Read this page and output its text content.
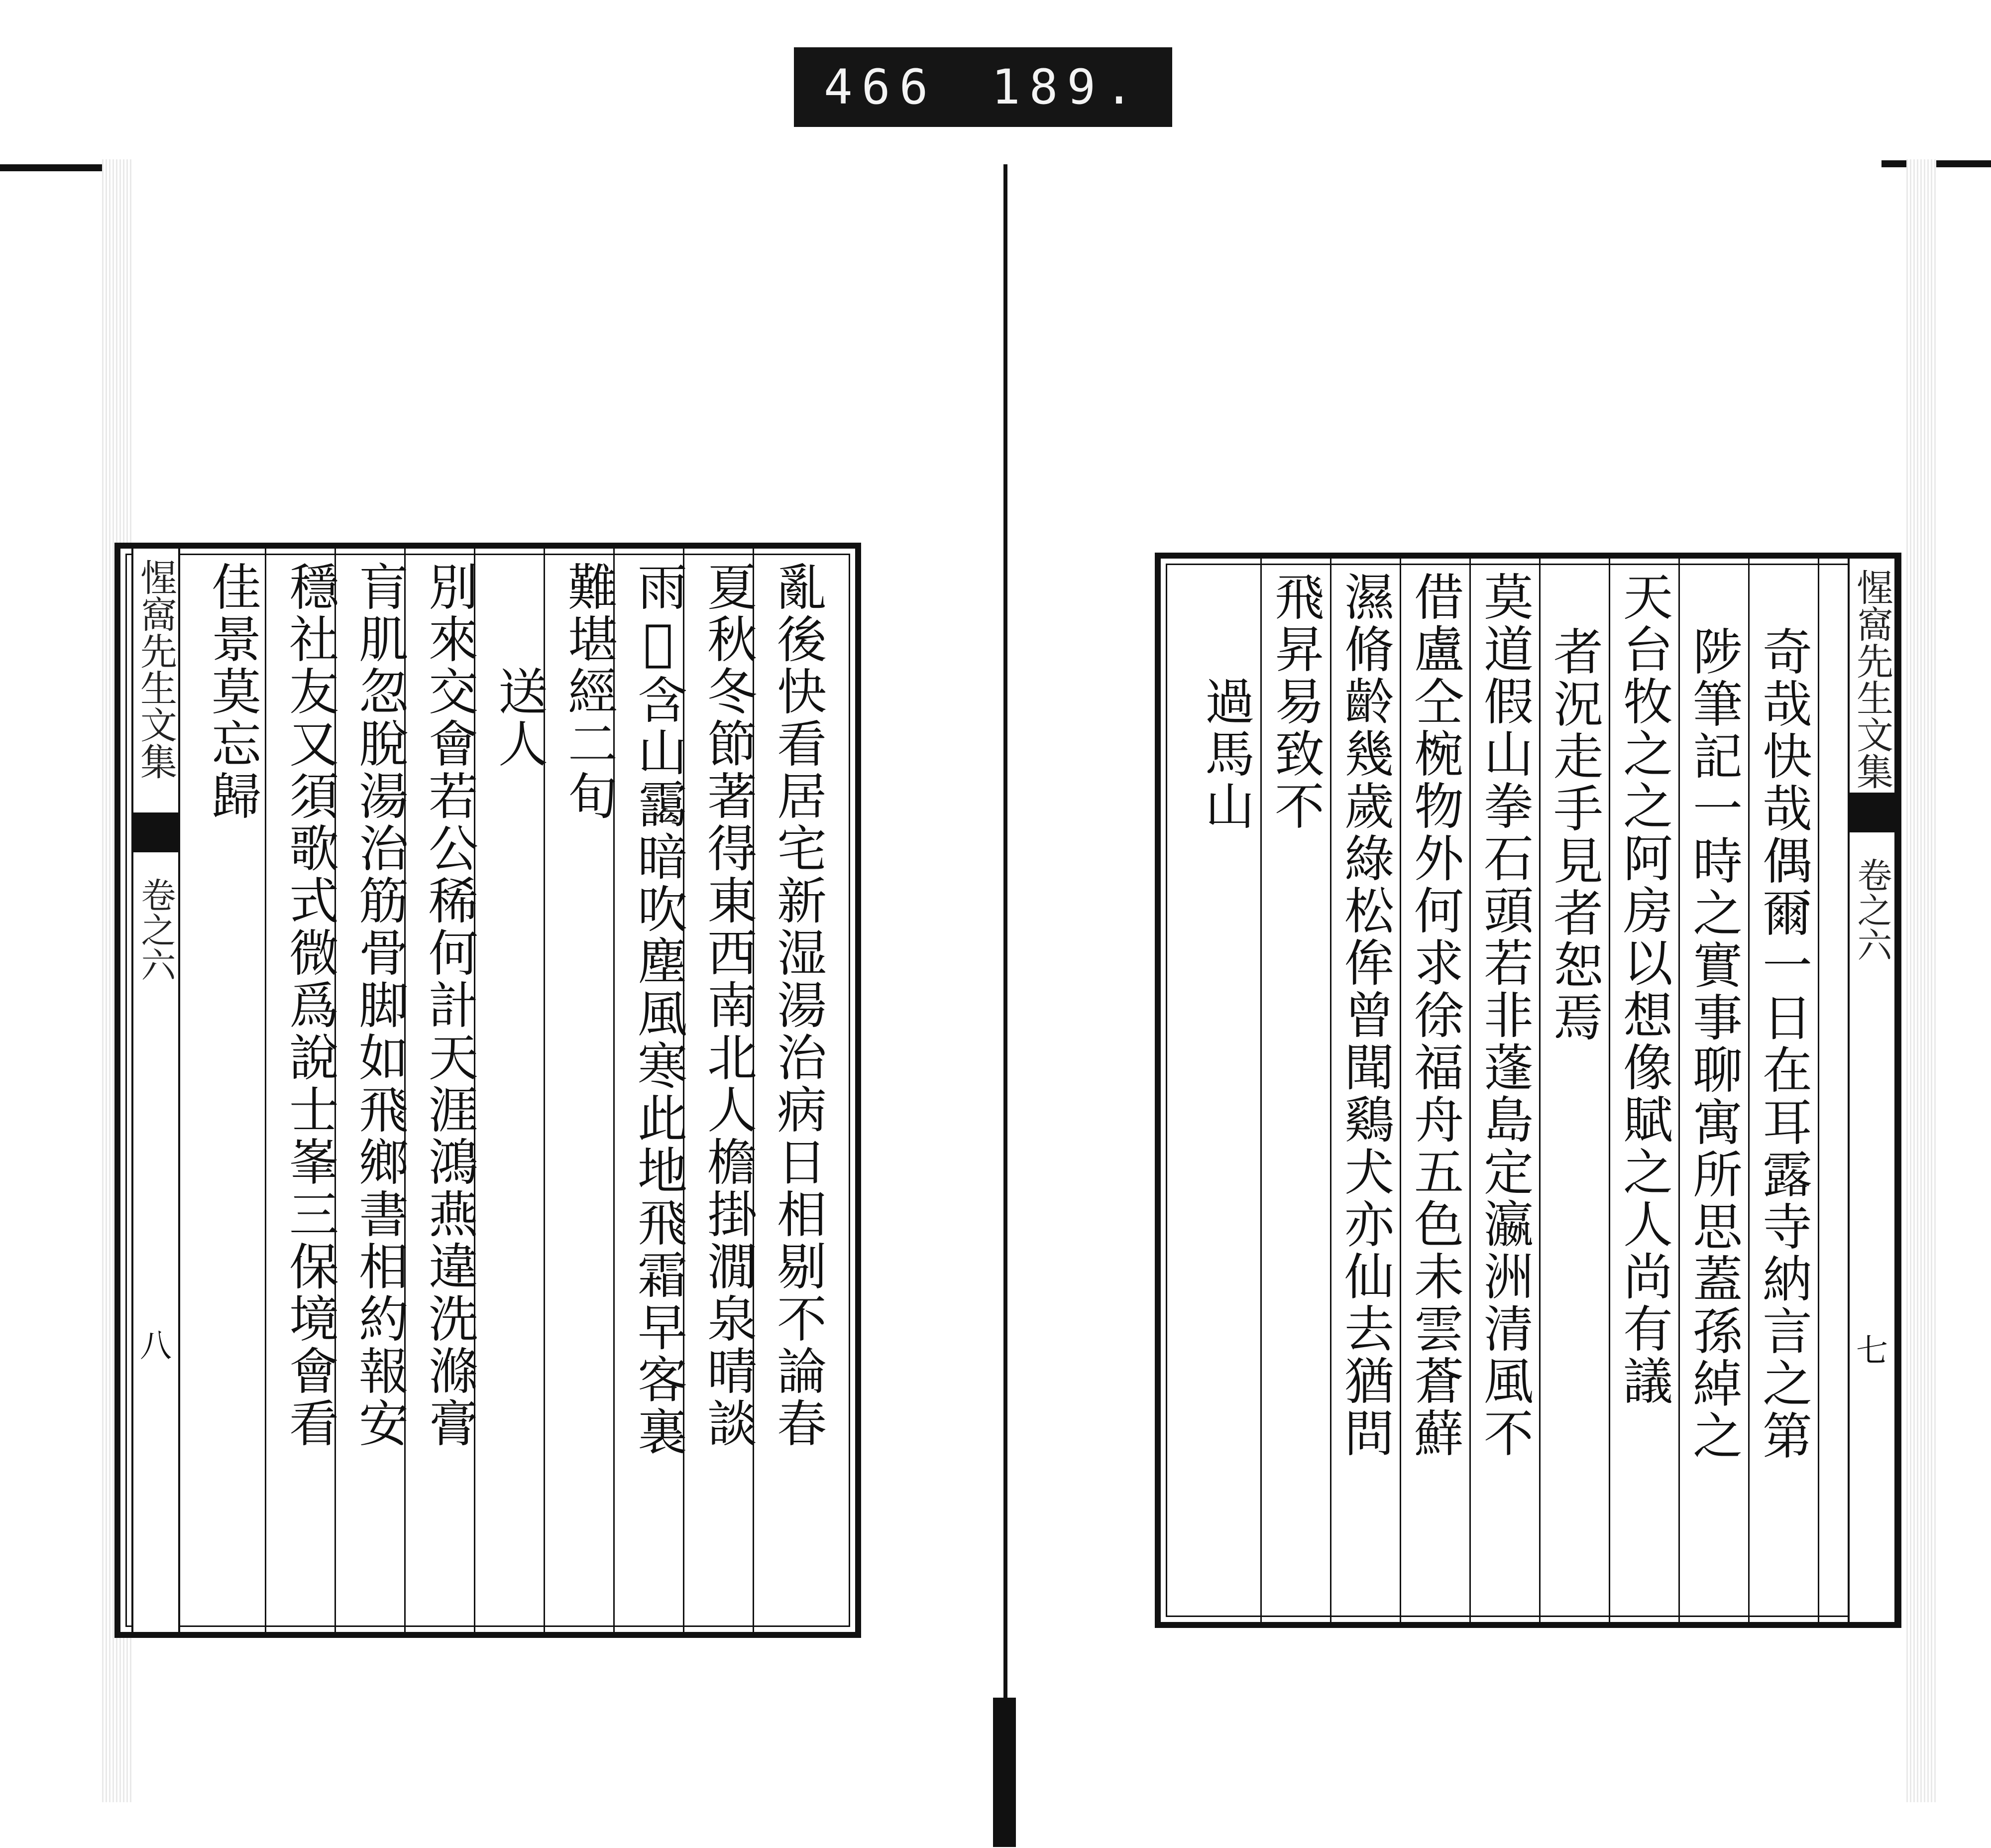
466 189.
惺窩先生文集
卷之六
八	亂後快看居宅新湿湯治病日相剔不論春
夏秋冬節著得東西南北人檐掛㵎泉晴談
雨𦖘含山靄暗吹塵風寒此地飛霜早客裏
難堪經二旬
送人
別來交會若公稀何計天涯鴻燕違洗滌膏
肓肌忽脫湯治筋骨脚如飛鄉書相約報安
穩社友又須歌式微爲說士峯三保境會看
佳景莫忘歸	奇哉快哉偶爾一日在耳露寺納言之第
陟筆記一時之實事聊寓所思蓋孫綽之
天台牧之之阿房以想像賦之人尚有議
者況走手見者恕焉
莫道假山拳石頭若非蓬島定瀛洲清風不
借盧仝椀物外何求徐福舟五色未雲蒼蘚
濕脩齡幾歲綠松侔曾聞鷄犬亦仙去猶問
飛昇易致不
過馬山	惺窩先生文集
卷之六
七
